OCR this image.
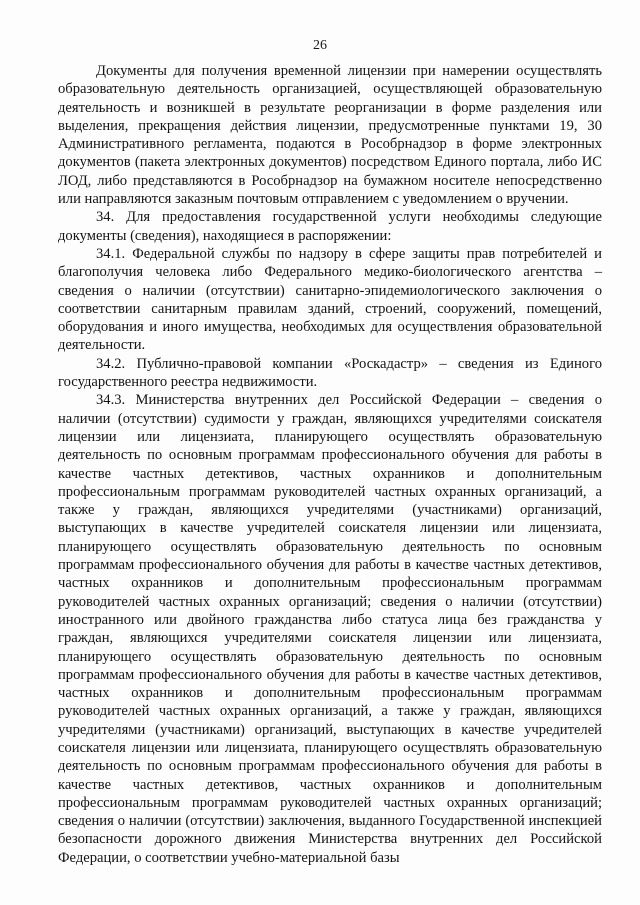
26

Документы для получения временной лицензии при намерении осуществлять образовательную деятельность организацией, осуществляющей образовательную деятельность и возникшей в результате реорганизации в форме разделения или выделения, прекращения действия лицензии, предусмотренные пунктами 19, 30 Административного регламента, подаются в Рособрнадзор в форме электронных документов (пакета электронных документов) посредством Единого портала, либо ИС ЛОД, либо представляются в Рособрнадзор на бумажном носителе непосредственно или направляются заказным почтовым отправлением с уведомлением о вручении.

34. Для предоставления государственной услуги необходимы следующие документы (сведения), находящиеся в распоряжении:

34.1. Федеральной службы по надзору в сфере защиты прав потребителей и благополучия человека либо Федерального медико-биологического агентства – сведения о наличии (отсутствии) санитарно-эпидемиологического заключения о соответствии санитарным правилам зданий, строений, сооружений, помещений, оборудования и иного имущества, необходимых для осуществления образовательной деятельности.

34.2. Публично-правовой компании «Роскадастр» – сведения из Единого государственного реестра недвижимости.

34.3. Министерства внутренних дел Российской Федерации – сведения о наличии (отсутствии) судимости у граждан, являющихся учредителями соискателя лицензии или лицензиата, планирующего осуществлять образовательную деятельность по основным программам профессионального обучения для работы в качестве частных детективов, частных охранников и дополнительным профессиональным программам руководителей частных охранных организаций, а также у граждан, являющихся учредителями (участниками) организаций, выступающих в качестве учредителей соискателя лицензии или лицензиата, планирующего осуществлять образовательную деятельность по основным программам профессионального обучения для работы в качестве частных детективов, частных охранников и дополнительным профессиональным программам руководителей частных охранных организаций; сведения о наличии (отсутствии) иностранного или двойного гражданства либо статуса лица без гражданства у граждан, являющихся учредителями соискателя лицензии или лицензиата, планирующего осуществлять образовательную деятельность по основным программам профессионального обучения для работы в качестве частных детективов, частных охранников и дополнительным профессиональным программам руководителей частных охранных организаций, а также у граждан, являющихся учредителями (участниками) организаций, выступающих в качестве учредителей соискателя лицензии или лицензиата, планирующего осуществлять образовательную деятельность по основным программам профессионального обучения для работы в качестве частных детективов, частных охранников и дополнительным профессиональным программам руководителей частных охранных организаций; сведения о наличии (отсутствии) заключения, выданного Государственной инспекцией безопасности дорожного движения Министерства внутренних дел Российской Федерации, о соответствии учебно-материальной базы
